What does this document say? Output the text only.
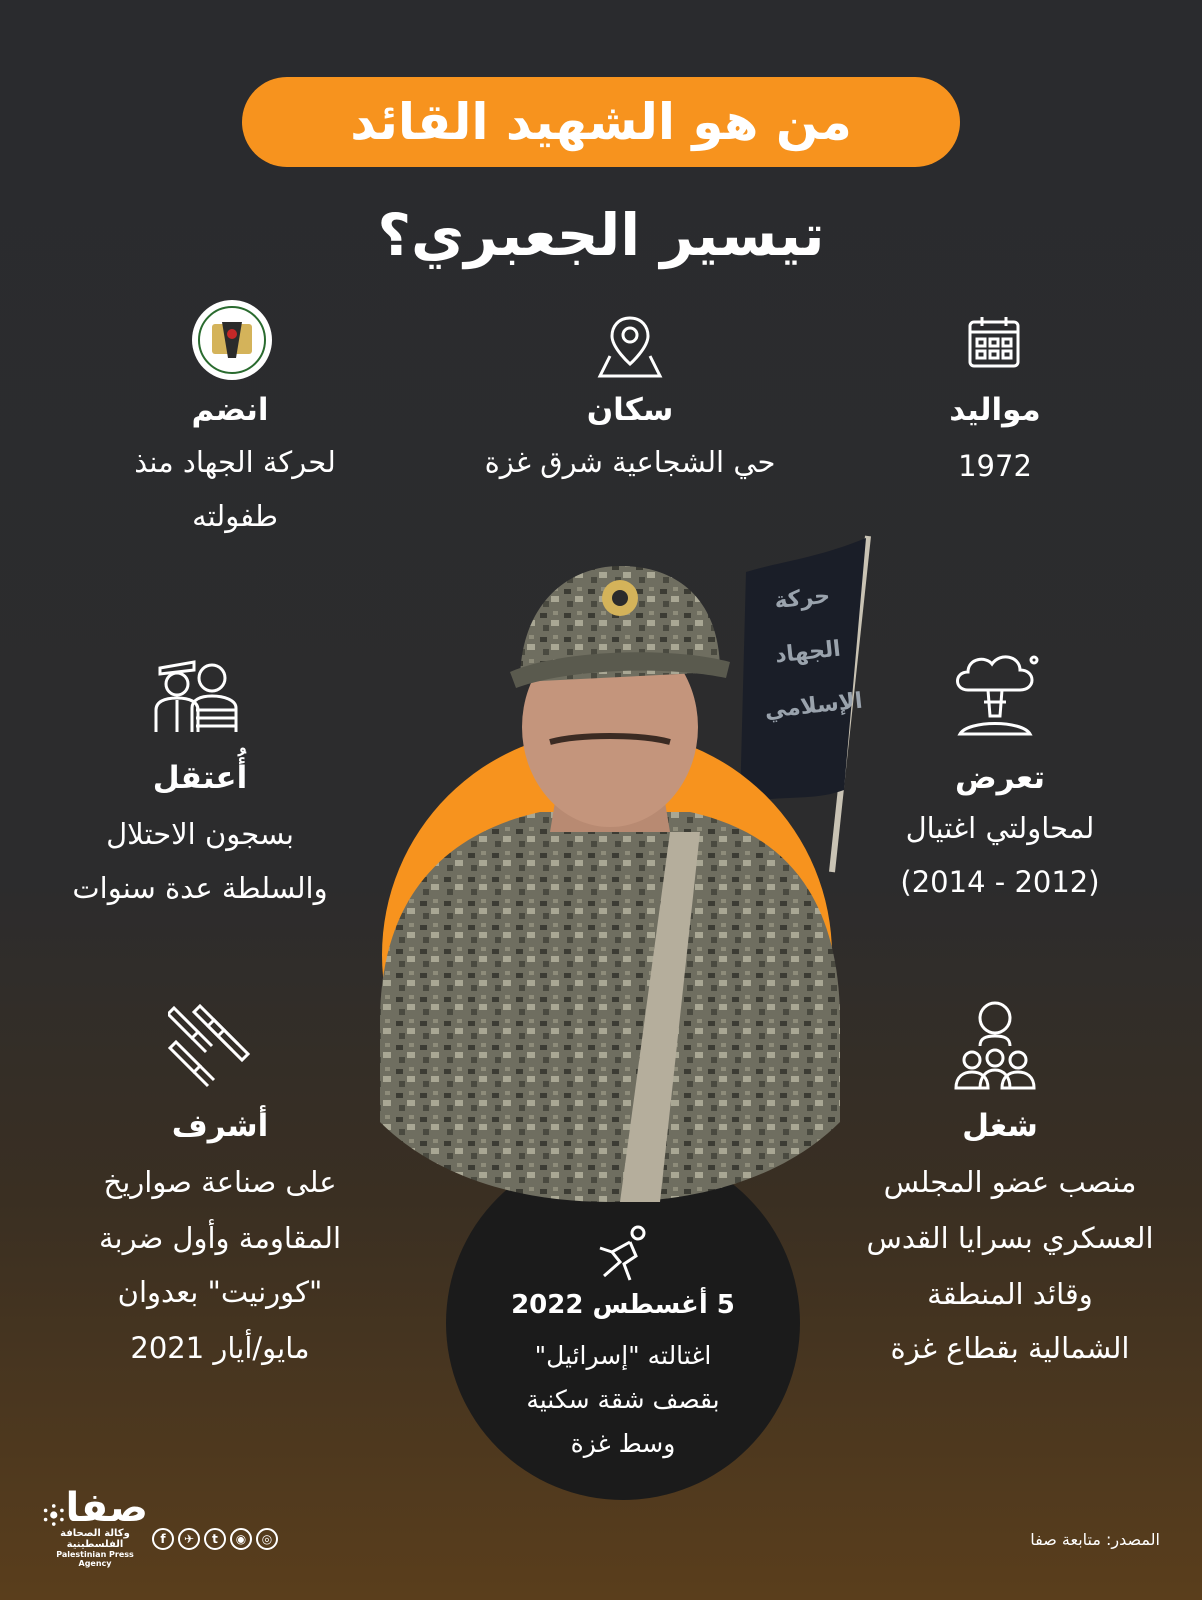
من هو الشهيد القائد
تيسير الجعبري؟
مواليد
1972
سكان
حي الشجاعية شرق غزة
انضم
لحركة الجهاد منذ
طفولته
حركة
الجهاد
الإسلامي
تعرض
لمحاولتي اغتيال
(2012 - 2014)
أُعتقل
بسجون الاحتلال
والسلطة عدة سنوات
شغل
منصب عضو المجلس
العسكري بسرايا القدس
وقائد المنطقة
الشمالية بقطاع غزة
أشرف
على صناعة صواريخ
المقاومة وأول ضربة
"كورنيت" بعدوان
مايو/أيار 2021
5 أغسطس 2022
اغتالته "إسرائيل"
بقصف شقة سكنية
وسط غزة
صفا
وكالة الصحافة الفلسطينية
Palestinian Press Agency
f	✈	t	◉	◎	المصدر: متابعة صفا
